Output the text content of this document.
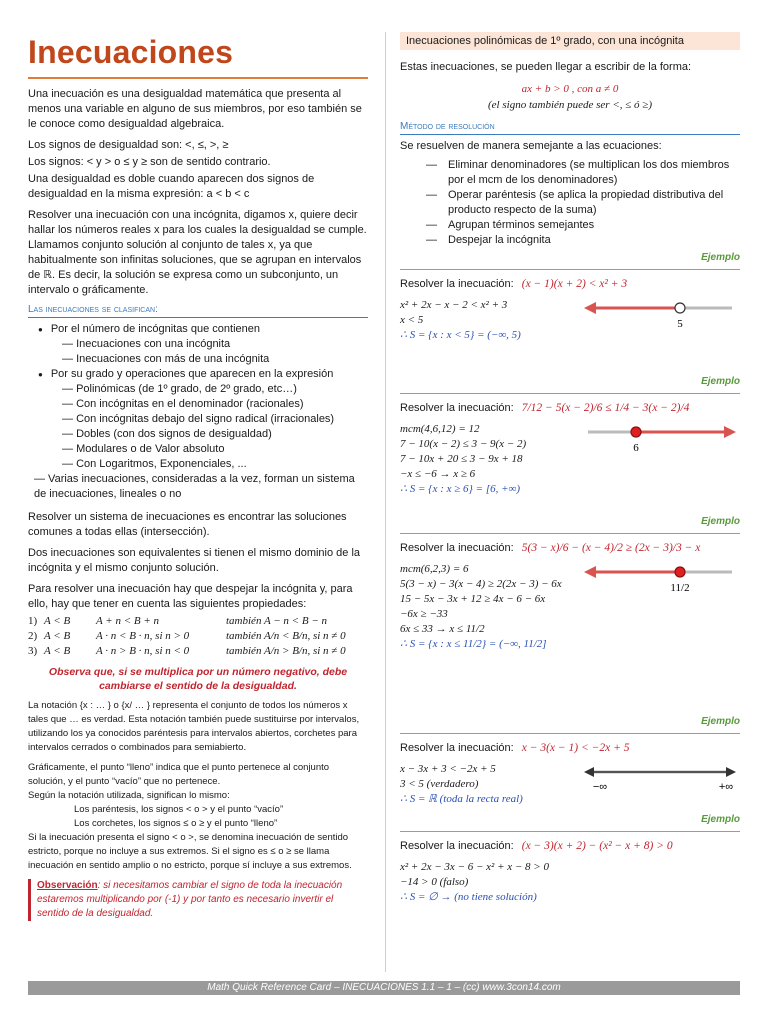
Inecuaciones

Una inecuación es una desigualdad matemática que presenta al menos una variable en alguno de sus miembros, por eso también se le conoce como desigualdad algebraica.

Los signos de desigualdad son: <, ≤, >, ≥

Los signos: < y > o ≤ y ≥ son de sentido contrario.

Una desigualdad es doble cuando aparecen dos signos de desigualdad en la misma expresión: a < b < c

Resolver una inecuación con una incógnita, digamos x, quiere decir hallar los números reales x para los cuales la desigualdad se cumple. Llamamos conjunto solución al conjunto de tales x, ya que habitualmente son infinitas soluciones, que se agrupan en intervalos de ℝ. Es decir, la solución se expresa como un subconjunto, un intervalo o gráficamente.

Las inecuaciones se clasifican:
● Por el número de incógnitas que contienen
— Inecuaciones con una incógnita
— Inecuaciones con más de una incógnita
● Por su grado y operaciones que aparecen en la expresión
— Polinómicas (de 1º grado, de 2º grado, etc…)
— Con incógnitas en el denominador (racionales)
— Con incógnitas debajo del signo radical (irracionales)
— Dobles (con dos signos de desigualdad)
— Modulares o de Valor absoluto
— Con Logaritmos, Exponenciales, ...
— Varias inecuaciones, consideradas a la vez, forman un sistema de inecuaciones, lineales o no

Resolver un sistema de inecuaciones es encontrar las soluciones comunes a todas ellas (intersección).

Dos inecuaciones son equivalentes si tienen el mismo dominio de la incógnita y el mismo conjunto solución.

Para resolver una inecuación hay que despejar la incógnita y, para ello, hay que tener en cuenta las siguientes propiedades:

1) A < B	A + n < B + n	también A − n < B − n
2) A < B	A · n < B · n, si n > 0	también A/n < B/n, si n ≠ 0
3) A < B	A · n > B · n, si n < 0	también A/n > B/n, si n ≠ 0
Observa que, si se multiplica por un número negativo, debe cambiarse el sentido de la desigualdad.

La notación {x : … } o {x/ … } representa el conjunto de todos los números x tales que … es verdad. Esta notación también puede sustituirse por intervalos, utilizando los ya conocidos paréntesis para intervalos abiertos, corchetes para intervalos cerrados o combinados para semiabierto.

Gráficamente, el punto “lleno” indica que el punto pertenece al conjunto solución, y el punto “vacío” que no pertenece.

Según la notación utilizada, significan lo mismo:

Los paréntesis, los signos < o > y el punto “vacío”
Los corchetes, los signos ≤ o ≥ y el punto “lleno”

Si la inecuación presenta el signo < o >, se denomina inecuación de sentido estricto, porque no incluye a sus extremos. Si el signo es ≤ o ≥ se llama inecuación en sentido amplio o no estricto, porque sí incluye a sus extremos.

Observación: si necesitamos cambiar el signo de toda la inecuación estaremos multiplicando por (-1) y por tanto es necesario invertir el sentido de la desigualdad.
Inecuaciones polinómicas de 1º grado, con una incógnita

Estas inecuaciones, se pueden llegar a escribir de la forma:

ax + b > 0 , con a ≠ 0
(el signo también puede ser <, ≤ ó ≥)
Método de resolución

Se resuelven de manera semejante a las ecuaciones:

—	Eliminar denominadores (se multiplican los dos miembros por el mcm de los denominadores)
—	Operar paréntesis (se aplica la propiedad distributiva del producto respecto de la suma)
—	Agrupan términos semejantes
—	Despejar la incógnita
Ejemplo
Resolver la inecuación: (x − 1)(x + 2) < x² + 3
x² + 2x − x − 2 < x² + 3
x < 5
∴ S = {x : x < 5} = (−∞, 5)
5
Ejemplo
Resolver la inecuación: 7/12 − 5(x − 2)/6 ≤ 1/4 − 3(x − 2)/4
mcm(4,6,12) = 12
7 − 10(x − 2) ≤ 3 − 9(x − 2)
7 − 10x + 20 ≤ 3 − 9x + 18
−x ≤ −6 → x ≥ 6
∴ S = {x : x ≥ 6} = [6, +∞)
6
Ejemplo
Resolver la inecuación: 5(3 − x)/6 − (x − 4)/2 ≥ (2x − 3)/3 − x
mcm(6,2,3) = 6
5(3 − x) − 3(x − 4) ≥ 2(2x − 3) − 6x
15 − 5x − 3x + 12 ≥ 4x − 6 − 6x
−6x ≥ −33
6x ≤ 33 → x ≤ 11/2
∴ S = {x : x ≤ 11/2} = (−∞, 11/2]
11/2
Ejemplo
Resolver la inecuación: x − 3(x − 1) < −2x + 5
x − 3x + 3 < −2x + 5
3 < 5 (verdadero)
∴ S = ℝ (toda la recta real)
−∞	+∞
Ejemplo
Resolver la inecuación: (x − 3)(x + 2) − (x² − x + 8) > 0
x² + 2x − 3x − 6 − x² + x − 8 > 0
−14 > 0 (falso)
∴ S = ∅ → (no tiene solución)
Math Quick Reference Card – INECUACIONES 1.1 – 1 – (cc) www.3con14.com
